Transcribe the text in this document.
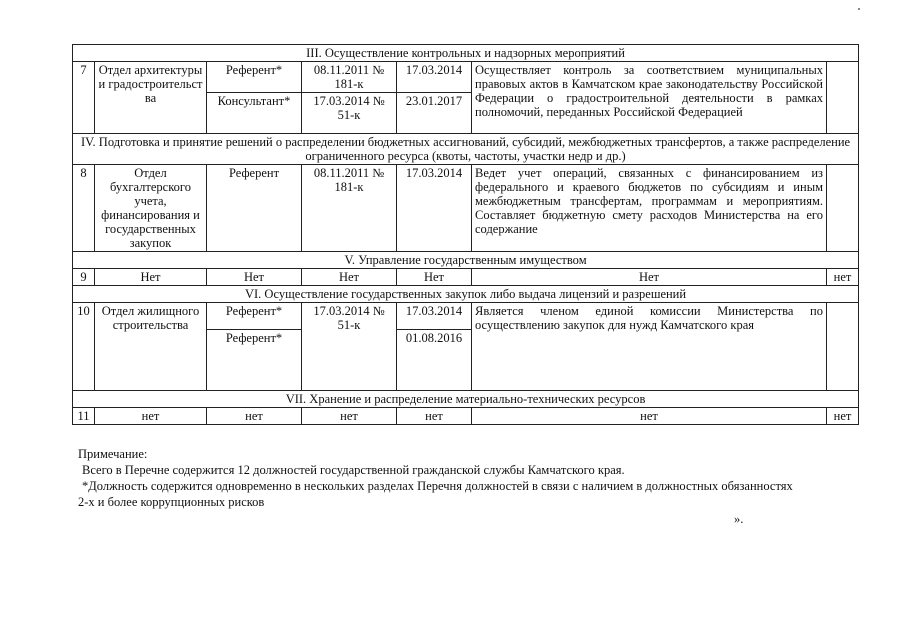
III. Осуществление контрольных и надзорных мероприятий						
7	Отдел архитектуры и градостроительст ва	Референт*	08.11.2011 № 181-к	17.03.2014	Осуществляет контроль за соответствием муниципальных правовых актов в Камчатском крае законодательству Российской Федерации о градостроительной деятельности в рамках полномочий, переданных Российской Федерацией	
		Консультант*	17.03.2014 № 51-к	23.01.2017		
IV. Подготовка и принятие решений о распределении бюджетных ассигнований, субсидий, межбюджетных трансфертов, а также распределение ограниченного ресурса (квоты, частоты, участки недр и др.)						
8	Отдел бухгалтерского учета, финансирования и государственных закупок	Референт	08.11.2011 № 181-к	17.03.2014	Ведет учет операций, связанных с финансированием из федерального и краевого бюджетов по субсидиям и иным межбюджетным трансфертам, программам и мероприятиям. Составляет бюджетную смету расходов Министерства на его содержание	
V. Управление государственным имуществом						
9	Нет	Нет	Нет	Нет	Нет	нет
VI. Осуществление государственных закупок либо выдача лицензий и разрешений						
10	Отдел жилищного строительства	Референт*	17.03.2014 № 51-к	17.03.2014	Является членом единой комиссии Министерства по осуществлению закупок для нужд Камчатского края	
		Референт*		01.08.2016		
VII. Хранение и распределение материально-технических ресурсов						
11	нет	нет	нет	нет	нет	нет
Примечание:
Всего в Перечне содержится 12 должностей государственной гражданской службы Камчатского края.
*Должность содержится одновременно в нескольких разделах Перечня должностей в связи с наличием в должностных обязанностях
2-х и более коррупционных рисков
».
